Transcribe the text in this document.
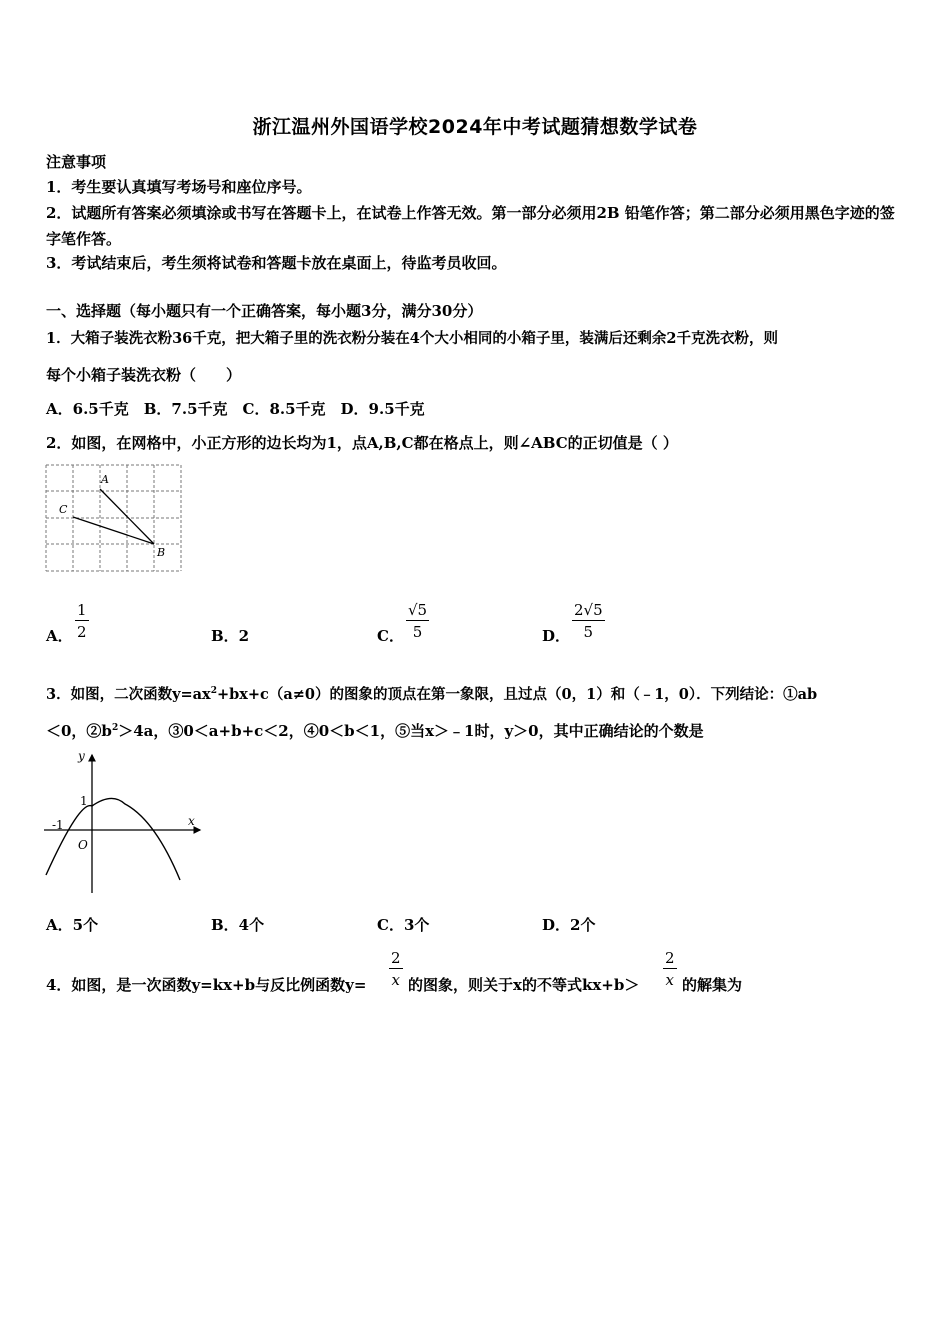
浙江温州外国语学校2024年中考试题猜想数学试卷
注意事项
1．考生要认真填写考场号和座位序号。
2．试题所有答案必须填涂或书写在答题卡上，在试卷上作答无效。第一部分必须用2B 铅笔作答；第二部分必须用黑色字迹的签字笔作答。
3．考试结束后，考生须将试卷和答题卡放在桌面上，待监考员收回。
一、选择题（每小题只有一个正确答案，每小题3分，满分30分）
1．大箱子装洗衣粉36千克，把大箱子里的洗衣粉分装在4个大小相同的小箱子里，装满后还剩余2千克洗衣粉，则
每个小箱子装洗衣粉（　　）
A．6.5千克　B．7.5千克　C．8.5千克　D．9.5千克
2．如图，在网格中，小正方形的边长均为1，点A,B,C都在格点上，则∠ABC的正切值是（ ）
A
B
C
A． $\frac{1}{2}$	B．2	C． $\frac{√5}{5}$	D． $\frac{2√5}{5}$
3．如图，二次函数$y=ax^2+bx+c(a\ne 0)$的图象的顶点在第一象限，且过点（0，1）和（﹣1，0）．下列结论：①ab
＜0，$②b^2>4a$，③0＜a+b+c＜2，④0＜b＜1，⑤当x＞﹣1时，y＞0，其中正确结论的个数是
y
x
1
-1
O
A．5个	B．4个	C．3个	D．2个
4．如图，是一次函数y=kx+b与反比例函数$y= \frac{2}{x}$ 的图象，则关于x的不等式$kx+b> \frac{2}{x}$ 的解集为
